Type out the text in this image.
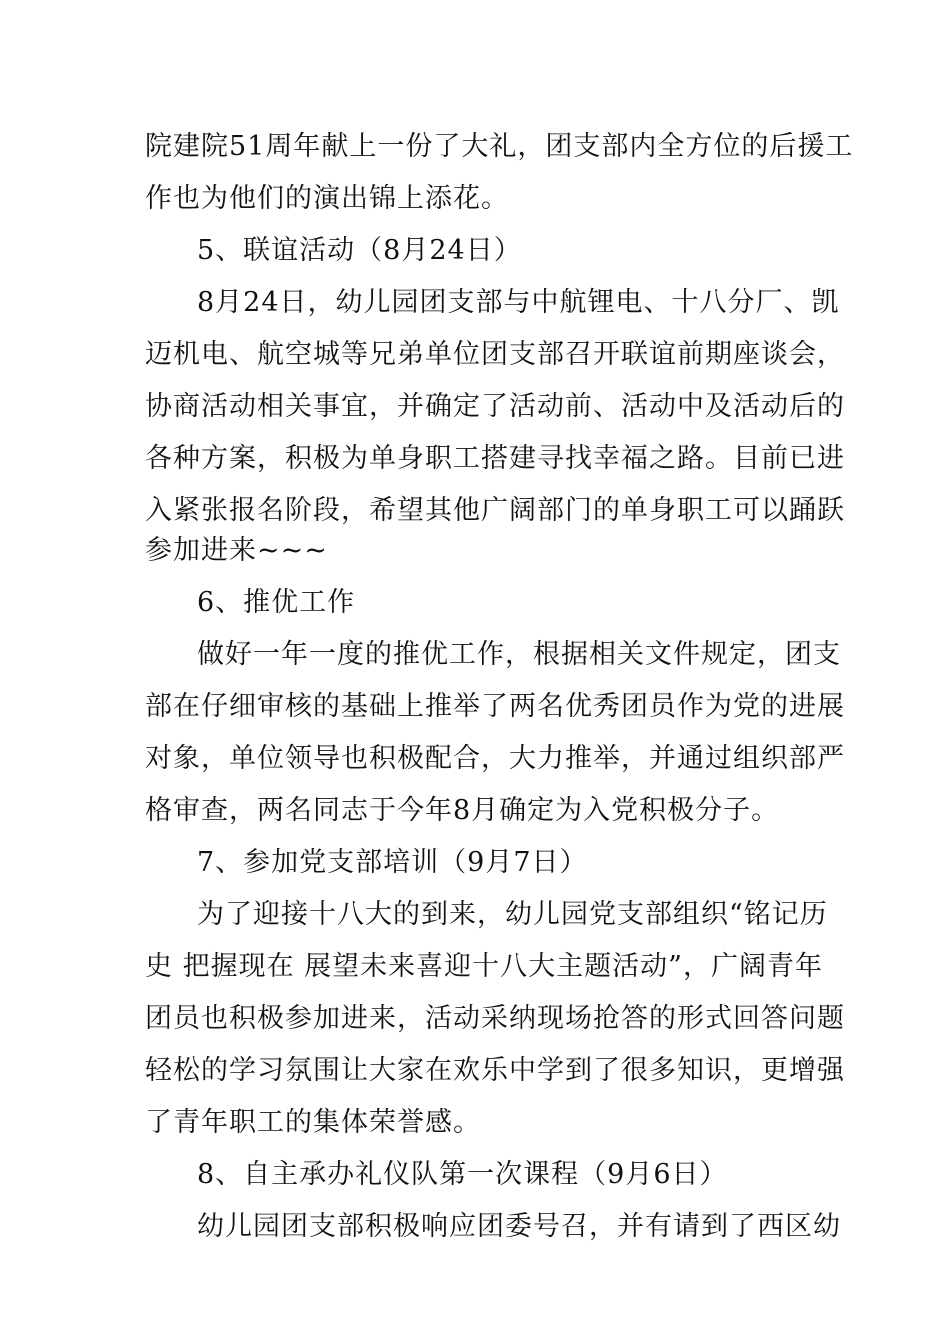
院建院51周年献上一份了大礼，团支部内全方位的后援工
作也为他们的演出锦上添花。
5、联谊活动（8月24日）
8月24日，幼儿园团支部与中航锂电、十八分厂、凯
迈机电、航空城等兄弟单位团支部召开联谊前期座谈会，
协商活动相关事宜，并确定了活动前、活动中及活动后的
各种方案，积极为单身职工搭建寻找幸福之路。目前已进
入紧张报名阶段，希望其他广阔部门的单身职工可以踊跃
参加进来~~~
6、推优工作
做好一年一度的推优工作，根据相关文件规定，团支
部在仔细审核的基础上推举了两名优秀团员作为党的进展
对象，单位领导也积极配合，大力推举，并通过组织部严
格审查，两名同志于今年8月确定为入党积极分子。
7、参加党支部培训（9月7日）
为了迎接十八大的到来，幼儿园党支部组织“铭记历
史 把握现在 展望未来喜迎十八大主题活动”，广阔青年
团员也积极参加进来，活动采纳现场抢答的形式回答问题
轻松的学习氛围让大家在欢乐中学到了很多知识，更增强
了青年职工的集体荣誉感。
8、自主承办礼仪队第一次课程（9月6日）
幼儿园团支部积极响应团委号召，并有请到了西区幼
